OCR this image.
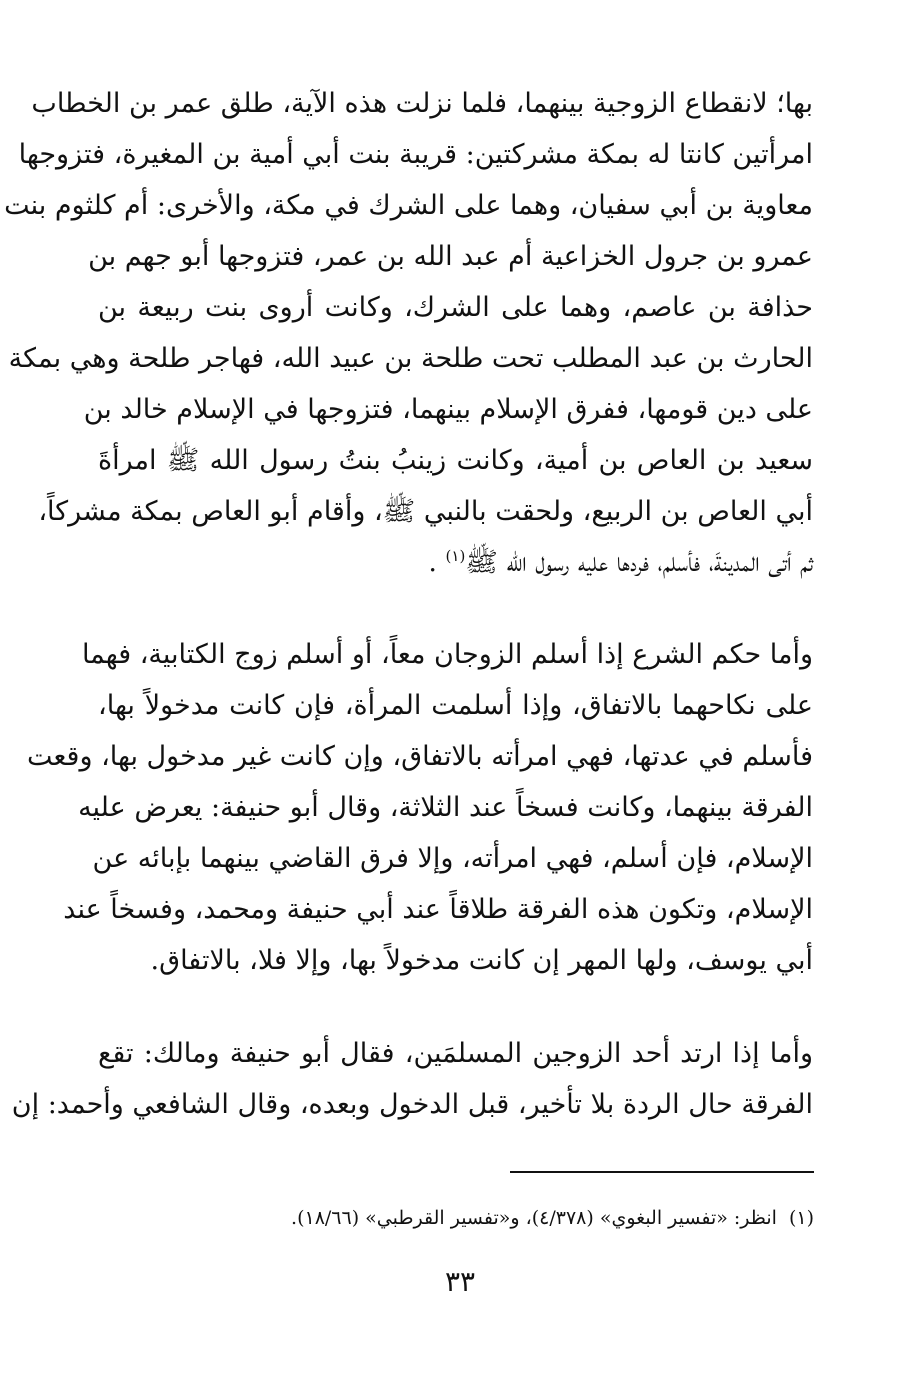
بها؛ لانقطاع الزوجية بينهما، فلما نزلت هذه الآية، طلق عمر بن الخطاب
امرأتين كانتا له بمكة مشركتين: قريبة بنت أبي أمية بن المغيرة، فتزوجها
معاوية بن أبي سفيان، وهما على الشرك في مكة، والأخرى: أم كلثوم بنت
عمرو بن جرول الخزاعية أم عبد الله بن عمر، فتزوجها أبو جهم بن
حذافة بن عاصم، وهما على الشرك، وكانت أروى بنت ربيعة بن
الحارث بن عبد المطلب تحت طلحة بن عبيد الله، فهاجر طلحة وهي بمكة
على دين قومها، ففرق الإسلام بينهما، فتزوجها في الإسلام خالد بن
سعيد بن العاص بن أمية، وكانت زينبُ بنتُ رسول الله ﷺ امرأةَ
أبي العاص بن الربيع، ولحقت بالنبي ﷺ، وأقام أبو العاص بمكة مشركاً،
ثم أتى المدينةَ، فأسلم، فردها عليه رسول الله ﷺ$^{(١)}$ .
وأما حكم الشرع إذا أسلم الزوجان معاً، أو أسلم زوج الكتابية، فهما
على نكاحهما بالاتفاق، وإذا أسلمت المرأة، فإن كانت مدخولاً بها،
فأسلم في عدتها، فهي امرأته بالاتفاق، وإن كانت غير مدخول بها، وقعت
الفرقة بينهما، وكانت فسخاً عند الثلاثة، وقال أبو حنيفة: يعرض عليه
الإسلام، فإن أسلم، فهي امرأته، وإلا فرق القاضي بينهما بإبائه عن
الإسلام، وتكون هذه الفرقة طلاقاً عند أبي حنيفة ومحمد، وفسخاً عند
أبي يوسف، ولها المهر إن كانت مدخولاً بها، وإلا فلا، بالاتفاق.
وأما إذا ارتد أحد الزوجين المسلمَين، فقال أبو حنيفة ومالك: تقع
الفرقة حال الردة بلا تأخير، قبل الدخول وبعده، وقال الشافعي وأحمد: إن
(١)انظر: «تفسير البغوي» (٤/٣٧٨)، و«تفسير القرطبي» (١٨/٦٦).
٣٣
